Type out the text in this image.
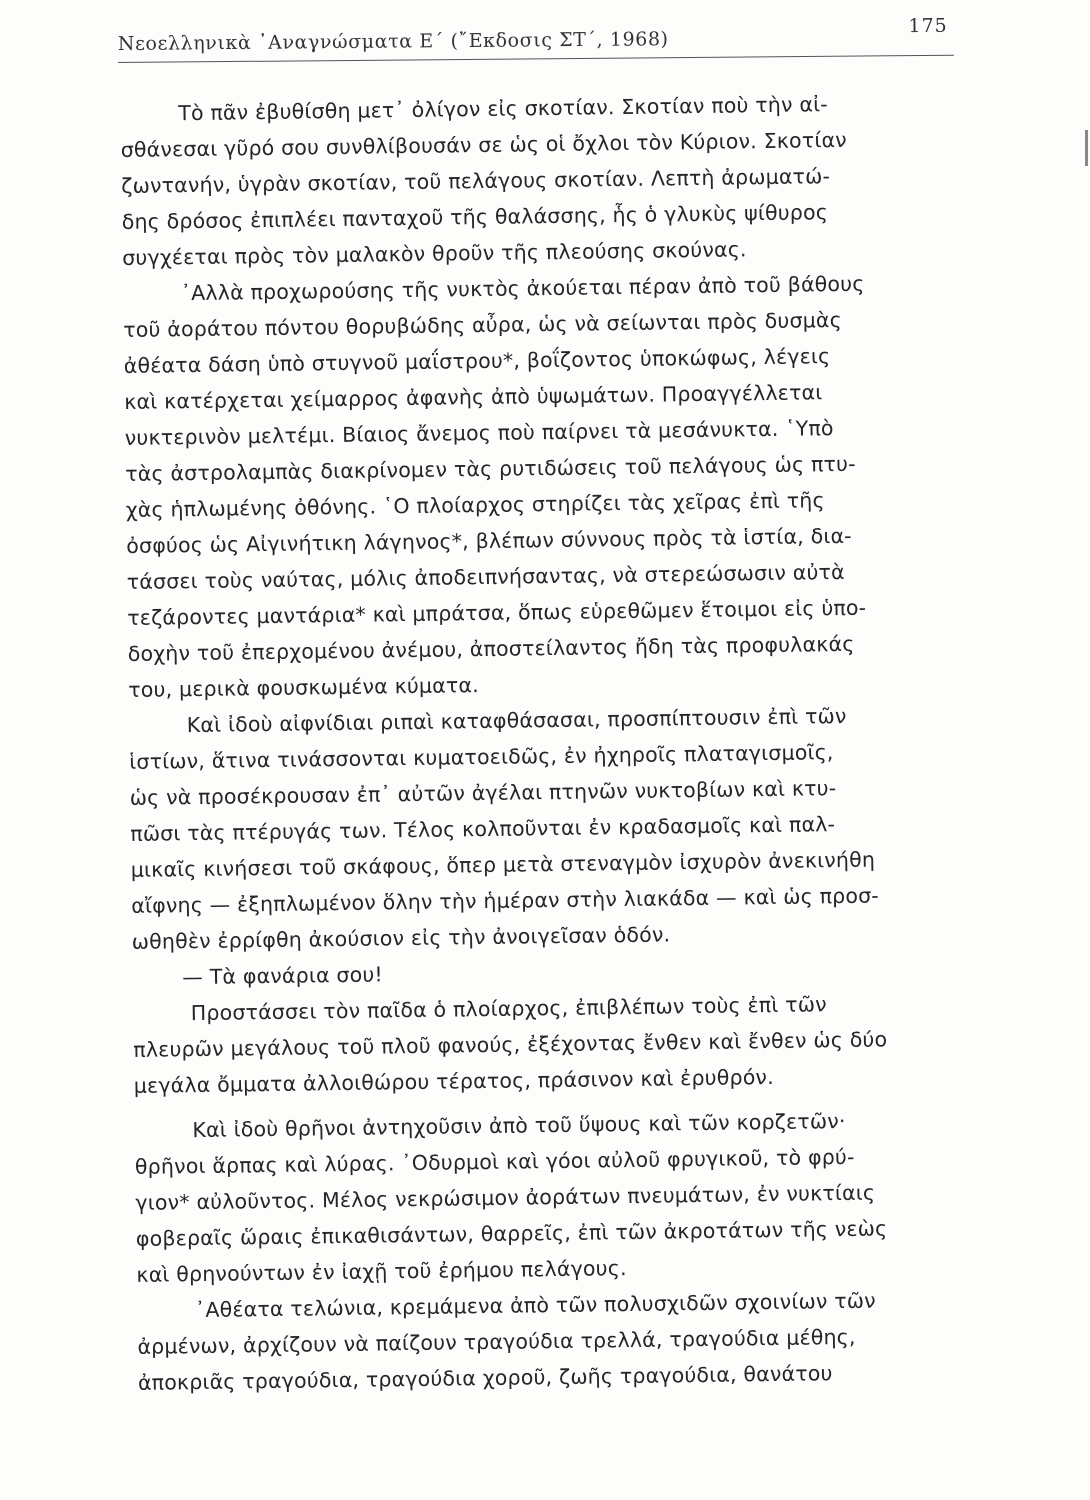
Νεοελληνικὰ ᾿Αναγνώσματα Ε΄ (῎Εκδοσις ΣΤ΄, 1968)
175
Τὸ πᾶν ἐβυθίσθη μετ᾿ ὀλίγον εἰς σκοτίαν. Σκοτίαν ποὺ τὴν αἰ-
σθάνεσαι γῦρό σου συνθλίβουσάν σε ὡς οἱ ὄχλοι τὸν Κύριον. Σκοτίαν
ζωντανήν, ὑγρὰν σκοτίαν, τοῦ πελάγους σκοτίαν. Λεπτὴ ἀρωματώ-
δης δρόσος ἐπιπλέει πανταχοῦ τῆς θαλάσσης, ἧς ὁ γλυκὺς ψίθυρος
συγχέεται πρὸς τὸν μαλακὸν θροῦν τῆς πλεούσης σκούνας.
᾿Αλλὰ προχωρούσης τῆς νυκτὸς ἀκούεται πέραν ἀπὸ τοῦ βάθους
τοῦ ἀοράτου πόντου θορυβώδης αὖρα, ὡς νὰ σείωνται πρὸς δυσμὰς
ἀθέατα δάση ὑπὸ στυγνοῦ μαΐστρου*, βοΐζοντος ὑποκώφως, λέγεις
καὶ κατέρχεται χείμαρρος ἀφανὴς ἀπὸ ὑψωμάτων. Προαγγέλλεται
νυκτερινὸν μελτέμι. Βίαιος ἄνεμος ποὺ παίρνει τὰ μεσάνυκτα. ῾Υπὸ
τὰς ἀστρολαμπὰς διακρίνομεν τὰς ρυτιδώσεις τοῦ πελάγους ὡς πτυ-
χὰς ἡπλωμένης ὀθόνης. ῾Ο πλοίαρχος στηρίζει τὰς χεῖρας ἐπὶ τῆς
ὀσφύος ὡς Αἰγινήτικη λάγηνος*, βλέπων σύννους πρὸς τὰ ἱστία, δια-
τάσσει τοὺς ναύτας, μόλις ἀποδειπνήσαντας, νὰ στερεώσωσιν αὐτὰ
τεζάροντες μαντάρια* καὶ μπράτσα, ὅπως εὑρεθῶμεν ἕτοιμοι εἰς ὑπο-
δοχὴν τοῦ ἐπερχομένου ἀνέμου, ἀποστείλαντος ἤδη τὰς προφυλακάς
του, μερικὰ φουσκωμένα κύματα.
Καὶ ἰδοὺ αἰφνίδιαι ριπαὶ καταφθάσασαι, προσπίπτουσιν ἐπὶ τῶν
ἱστίων, ἅτινα τινάσσονται κυματοειδῶς, ἐν ἠχηροῖς πλαταγισμοῖς,
ὡς νὰ προσέκρουσαν ἐπ᾿ αὐτῶν ἀγέλαι πτηνῶν νυκτοβίων καὶ κτυ-
πῶσι τὰς πτέρυγάς των. Τέλος κολποῦνται ἐν κραδασμοῖς καὶ παλ-
μικαῖς κινήσεσι τοῦ σκάφους, ὅπερ μετὰ στεναγμὸν ἰσχυρὸν ἀνεκινήθη
αἴφνης — ἐξηπλωμένον ὅλην τὴν ἡμέραν στὴν λιακάδα — καὶ ὡς προσ-
ωθηθὲν ἐρρίφθη ἀκούσιον εἰς τὴν ἀνοιγεῖσαν ὁδόν.
— Τὰ φανάρια σου!
Προστάσσει τὸν παῖδα ὁ πλοίαρχος, ἐπιβλέπων τοὺς ἐπὶ τῶν
πλευρῶν μεγάλους τοῦ πλοῦ φανούς, ἐξέχοντας ἔνθεν καὶ ἔνθεν ὡς δύο
μεγάλα ὄμματα ἀλλοιθώρου τέρατος, πράσινον καὶ ἐρυθρόν.
Καὶ ἰδοὺ θρῆνοι ἀντηχοῦσιν ἀπὸ τοῦ ὕψους καὶ τῶν κορζετῶν·
θρῆνοι ἅρπας καὶ λύρας. ᾿Οδυρμοὶ καὶ γόοι αὐλοῦ φρυγικοῦ, τὸ φρύ-
γιον* αὐλοῦντος. Μέλος νεκρώσιμον ἀοράτων πνευμάτων, ἐν νυκτίαις
φοβεραῖς ὥραις ἐπικαθισάντων, θαρρεῖς, ἐπὶ τῶν ἀκροτάτων τῆς νεὼς
καὶ θρηνούντων ἐν ἰαχῇ τοῦ ἐρήμου πελάγους.
᾿Αθέατα τελώνια, κρεμάμενα ἀπὸ τῶν πολυσχιδῶν σχοινίων τῶν
ἀρμένων, ἀρχίζουν νὰ παίζουν τραγούδια τρελλά, τραγούδια μέθης,
ἀποκριᾶς τραγούδια, τραγούδια χοροῦ, ζωῆς τραγούδια, θανάτου
